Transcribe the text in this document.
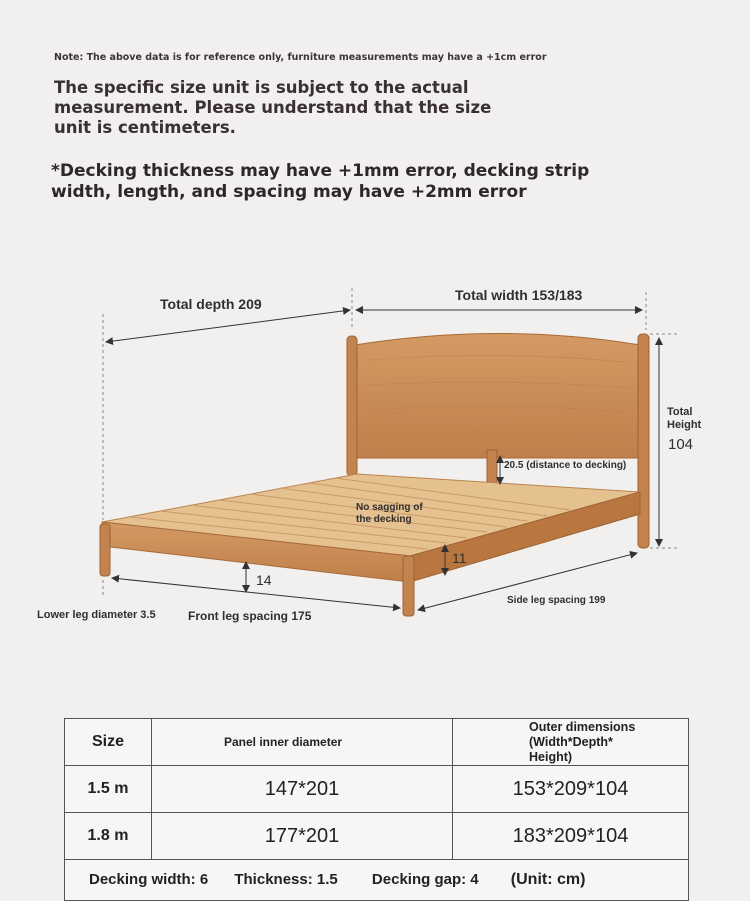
Note: The above data is for reference only, furniture measurements may have a +1cm error
The specific size unit is subject to the actual measurement. Please understand that the size unit is centimeters.
*Decking thickness may have +1mm error, decking strip width, length, and spacing may have +2mm error
Total depth 209
Total width 153/183
Total
Height
104
20.5 (distance to decking)
No sagging of
the decking
11
14
Lower leg diameter 3.5	Front leg spacing 175
Side leg spacing 199
Size	Panel inner diameter	Outer dimensions (Width*Depth*
Height)
1.5 m	147*201	153*209*104
1.8 m	177*201	183*209*104
Decking width: 6 Thickness: 1.5 Decking gap: 4 (Unit: cm)		
